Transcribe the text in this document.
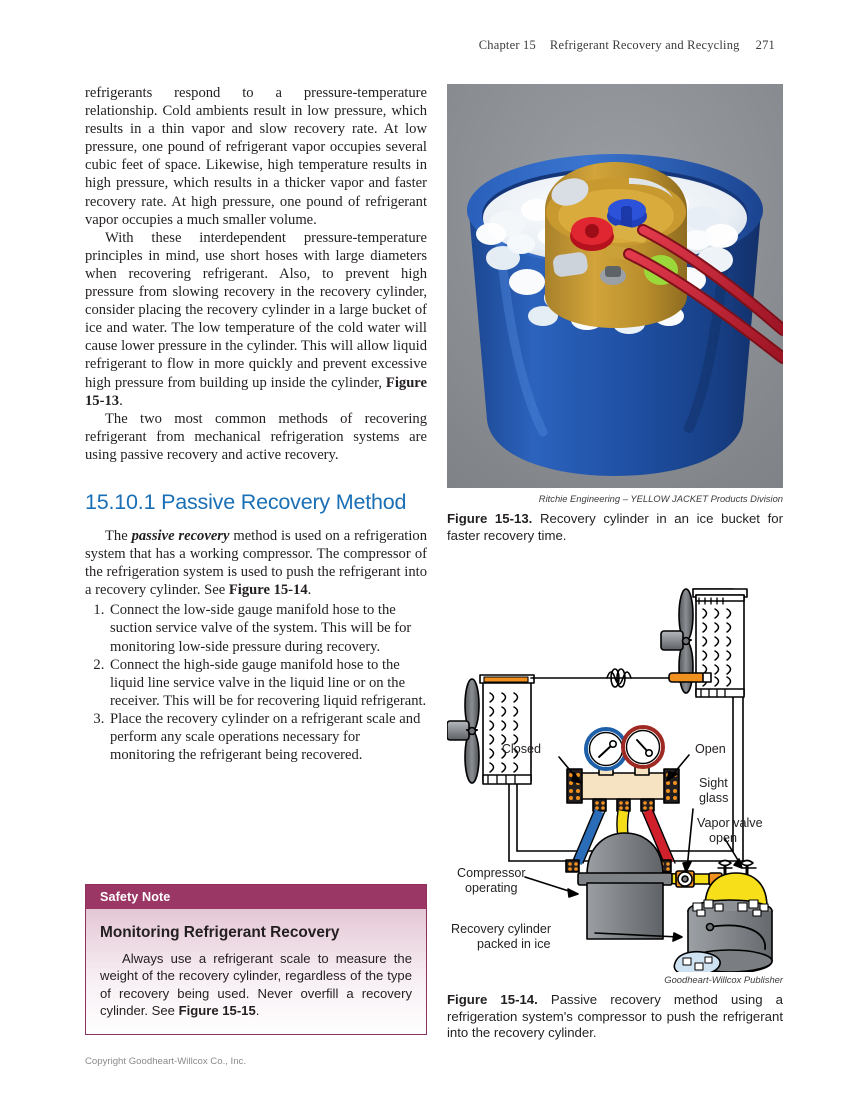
Chapter 15 Refrigerant Recovery and Recycling 271

refrigerants respond to a pressure-temperature relationship. Cold ambients result in low pressure, which results in a thin vapor and slow recovery rate. At low pressure, one pound of refrigerant vapor occupies several cubic feet of space. Likewise, high temperature results in high pressure, which results in a thicker vapor and faster recovery rate. At high pressure, one pound of refrigerant vapor occupies a much smaller volume.

With these interdependent pressure-temperature principles in mind, use short hoses with large diameters when recovering refrigerant. Also, to prevent high pressure from slowing recovery in the recovery cylinder, consider placing the recovery cylinder in a large bucket of ice and water. The low temperature of the cold water will cause lower pressure in the cylinder. This will allow liquid refrigerant to flow in more quickly and prevent excessive high pressure from building up inside the cylinder, Figure 15-13.

The two most common methods of recovering refrigerant from mechanical refrigeration systems are using passive recovery and active recovery.

15.10.1 Passive Recovery Method

The passive recovery method is used on a refrigeration system that has a working compressor. The compressor of the refrigeration system is used to push the refrigerant into a recovery cylinder. See Figure 15-14.

1. Connect the low-side gauge manifold hose to the suction service valve of the system. This will be for monitoring low-side pressure during recovery.
2. Connect the high-side gauge manifold hose to the liquid line service valve in the liquid line or on the receiver. This will be for recovering liquid refrigerant.
3. Place the recovery cylinder on a refrigerant scale and perform any scale operations necessary for monitoring the refrigerant being recovered.
Safety Note
Monitoring Refrigerant Recovery
Always use a refrigerant scale to measure the weight of the recovery cylinder, regardless of the type of recovery being used. Never overfill a recovery cylinder. See Figure 15-15.
Ritchie Engineering – YELLOW JACKET Products Division
Figure 15-13. Recovery cylinder in an ice bucket for faster recovery time.
Closed	Open
Sight
glass
Vapor valve
open
Compressor
operating
Recovery cylinder
packed in ice
Goodheart-Willcox Publisher
Figure 15-14. Passive recovery method using a refrigeration system's compressor to push the refrigerant into the recovery cylinder.
Copyright Goodheart-Willcox Co., Inc.
